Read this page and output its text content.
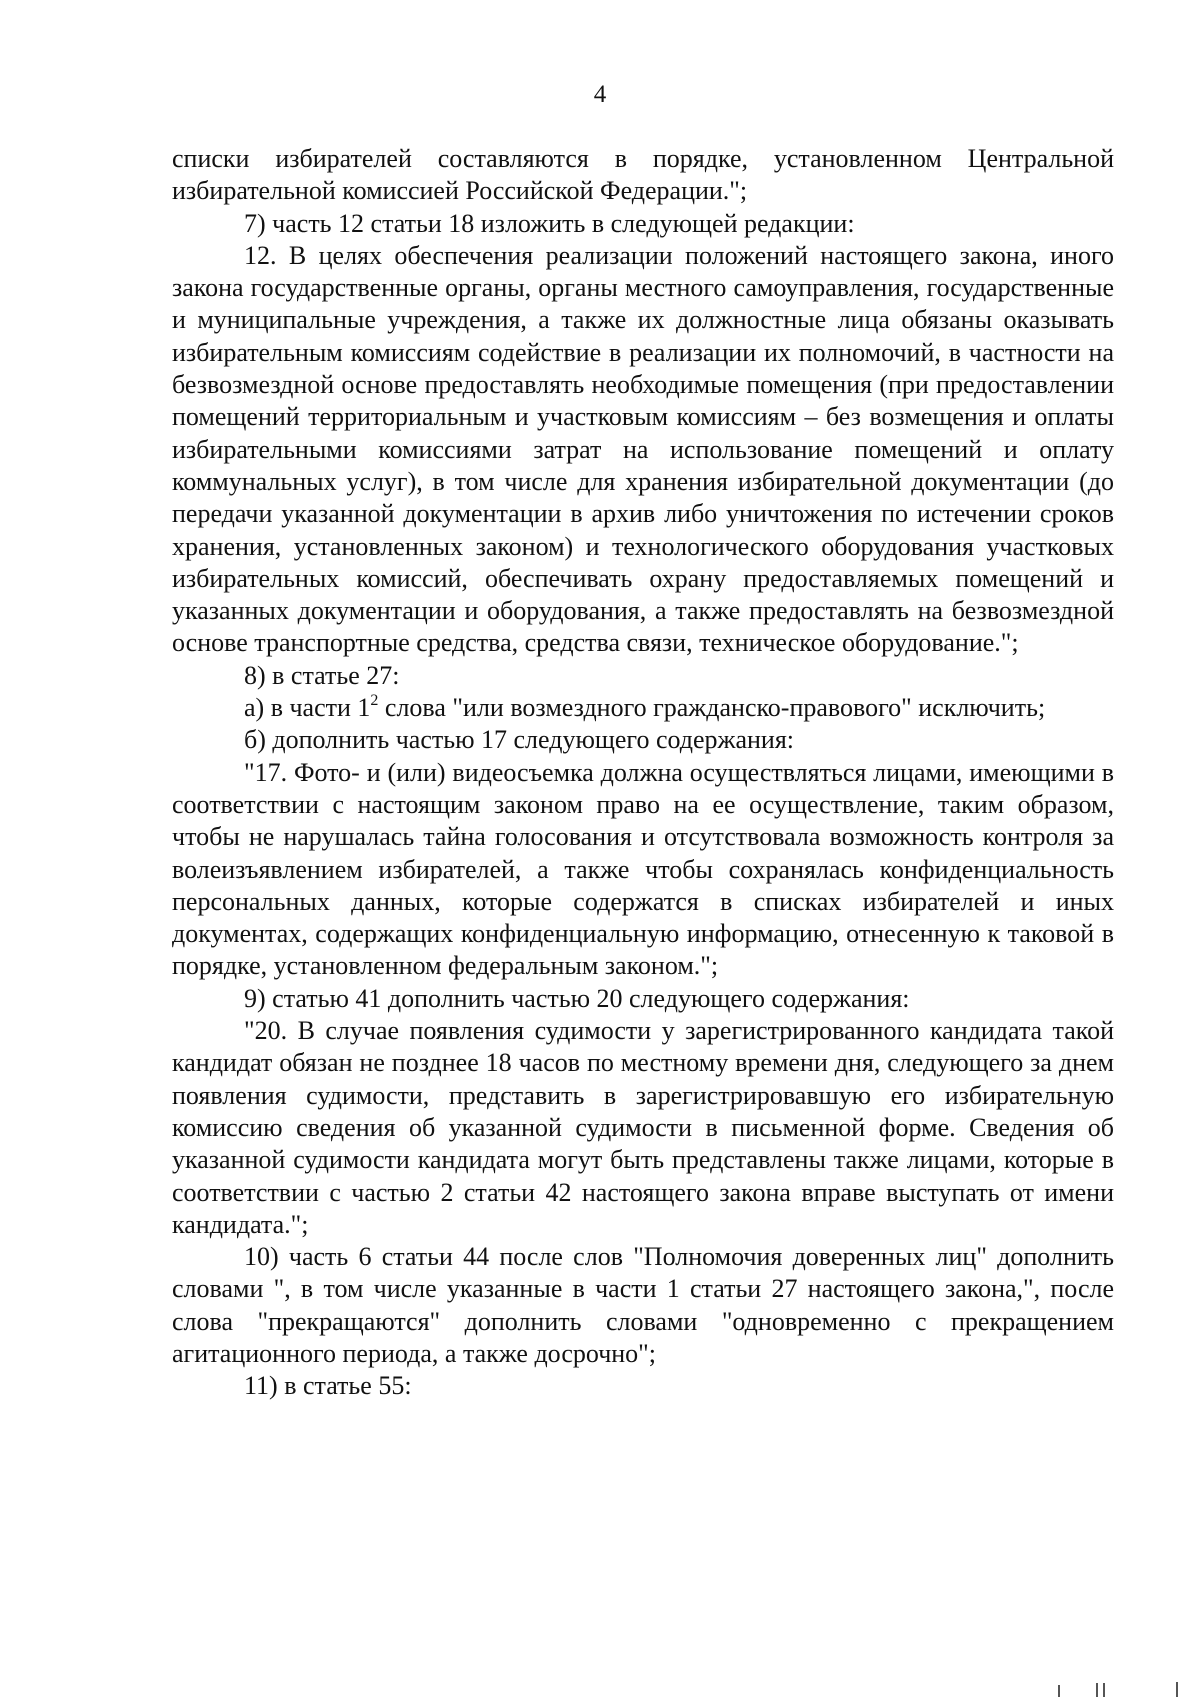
4

списки избирателей составляются в порядке, установленном Центральной избирательной комиссией Российской Федерации.";

7) часть 12 статьи 18 изложить в следующей редакции:

12. В целях обеспечения реализации положений настоящего закона, иного закона государственные органы, органы местного самоуправления, государственные и муниципальные учреждения, а также их должностные лица обязаны оказывать избирательным комиссиям содействие в реализации их полномочий, в частности на безвозмездной основе предоставлять необходимые помещения (при предоставлении помещений территориальным и участковым комиссиям – без возмещения и оплаты избирательными комиссиями затрат на использование помещений и оплату коммунальных услуг), в том числе для хранения избирательной документации (до передачи указанной документации в архив либо уничтожения по истечении сроков хранения, установленных законом) и технологического оборудования участковых избирательных комиссий, обеспечивать охрану предоставляемых помещений и указанных документации и оборудования, а также предоставлять на безвозмездной основе транспортные средства, средства связи, техническое оборудование.";

8) в статье 27:

а) в части $1^2$ слова "или возмездного гражданско-правового" исключить;

б) дополнить частью 17 следующего содержания:

"17. Фото- и (или) видеосъемка должна осуществляться лицами, имеющими в соответствии с настоящим законом право на ее осуществление, таким образом, чтобы не нарушалась тайна голосования и отсутствовала возможность контроля за волеизъявлением избирателей, а также чтобы сохранялась конфиденциальность персональных данных, которые содержатся в списках избирателей и иных документах, содержащих конфиденциальную информацию, отнесенную к таковой в порядке, установленном федеральным законом.";

9) статью 41 дополнить частью 20 следующего содержания:

"20. В случае появления судимости у зарегистрированного кандидата такой кандидат обязан не позднее 18 часов по местному времени дня, следующего за днем появления судимости, представить в зарегистрировавшую его избирательную комиссию сведения об указанной судимости в письменной форме. Сведения об указанной судимости кандидата могут быть представлены также лицами, которые в соответствии с частью 2 статьи 42 настоящего закона вправе выступать от имени кандидата.";

10) часть 6 статьи 44 после слов "Полномочия доверенных лиц" дополнить словами ", в том числе указанные в части 1 статьи 27 настоящего закона,", после слова "прекращаются" дополнить словами "одновременно с прекращением агитационного периода, а также досрочно";

11) в статье 55:
